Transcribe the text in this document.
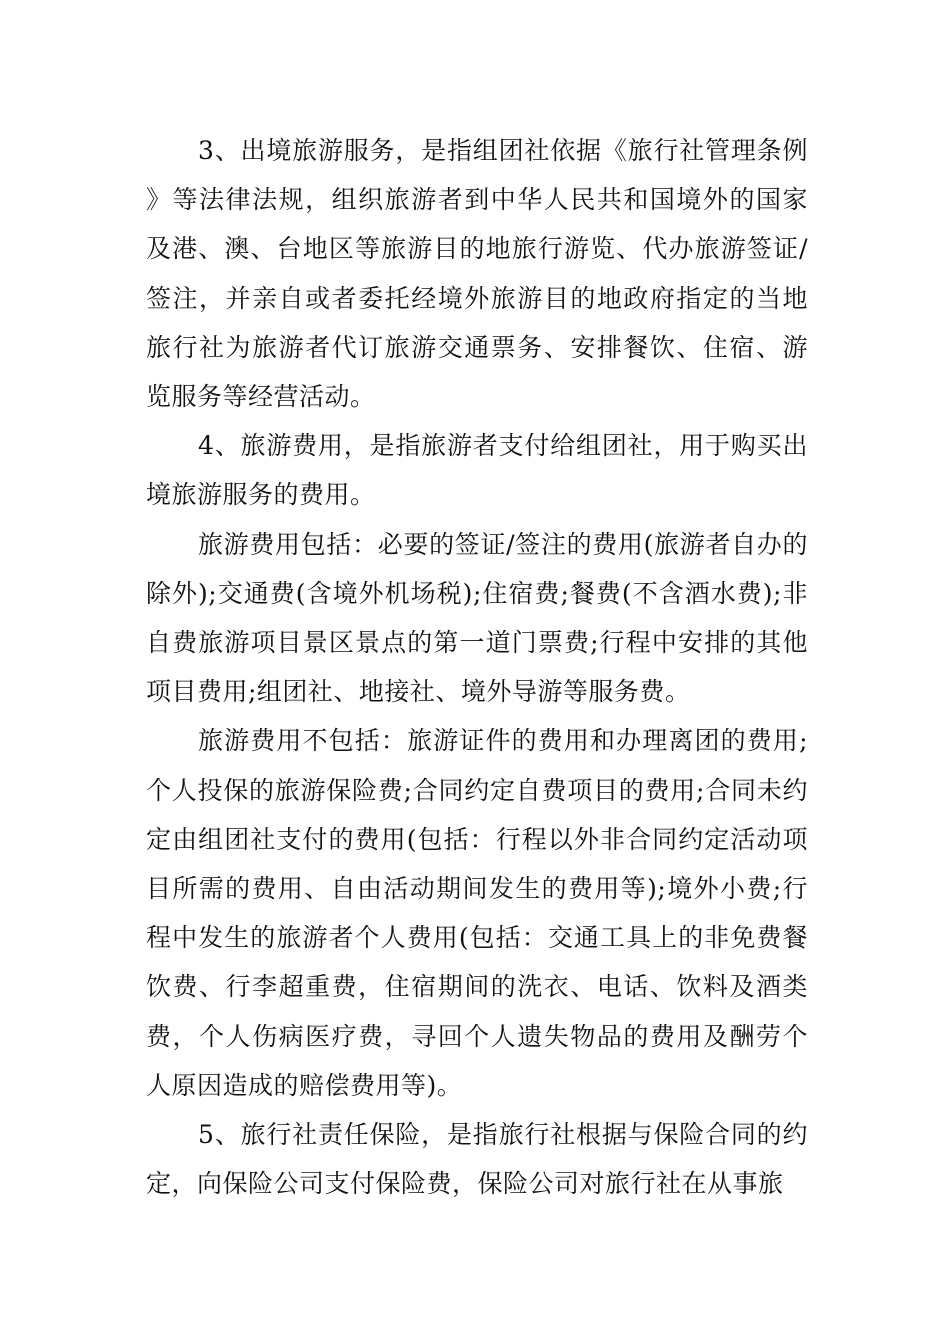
3、出境旅游服务，是指组团社依据《旅行社管理条例》等法律法规，组织旅游者到中华人民共和国境外的国家及港、澳、台地区等旅游目的地旅行游览、代办旅游签证/签注，并亲自或者委托经境外旅游目的地政府指定的当地旅行社为旅游者代订旅游交通票务、安排餐饮、住宿、游览服务等经营活动。

4、旅游费用，是指旅游者支付给组团社，用于购买出境旅游服务的费用。

旅游费用包括：必要的签证/签注的费用(旅游者自办的除外);交通费(含境外机场税);住宿费;餐费(不含酒水费);非自费旅游项目景区景点的第一道门票费;行程中安排的其他项目费用;组团社、地接社、境外导游等服务费。

旅游费用不包括：旅游证件的费用和办理离团的费用;个人投保的旅游保险费;合同约定自费项目的费用;合同未约定由组团社支付的费用(包括：行程以外非合同约定活动项目所需的费用、自由活动期间发生的费用等);境外小费;行程中发生的旅游者个人费用(包括：交通工具上的非免费餐饮费、行李超重费，住宿期间的洗衣、电话、饮料及酒类费，个人伤病医疗费，寻回个人遗失物品的费用及酬劳个人原因造成的赔偿费用等)。

5、旅行社责任保险，是指旅行社根据与保险合同的约定，向保险公司支付保险费，保险公司对旅行社在从事旅
